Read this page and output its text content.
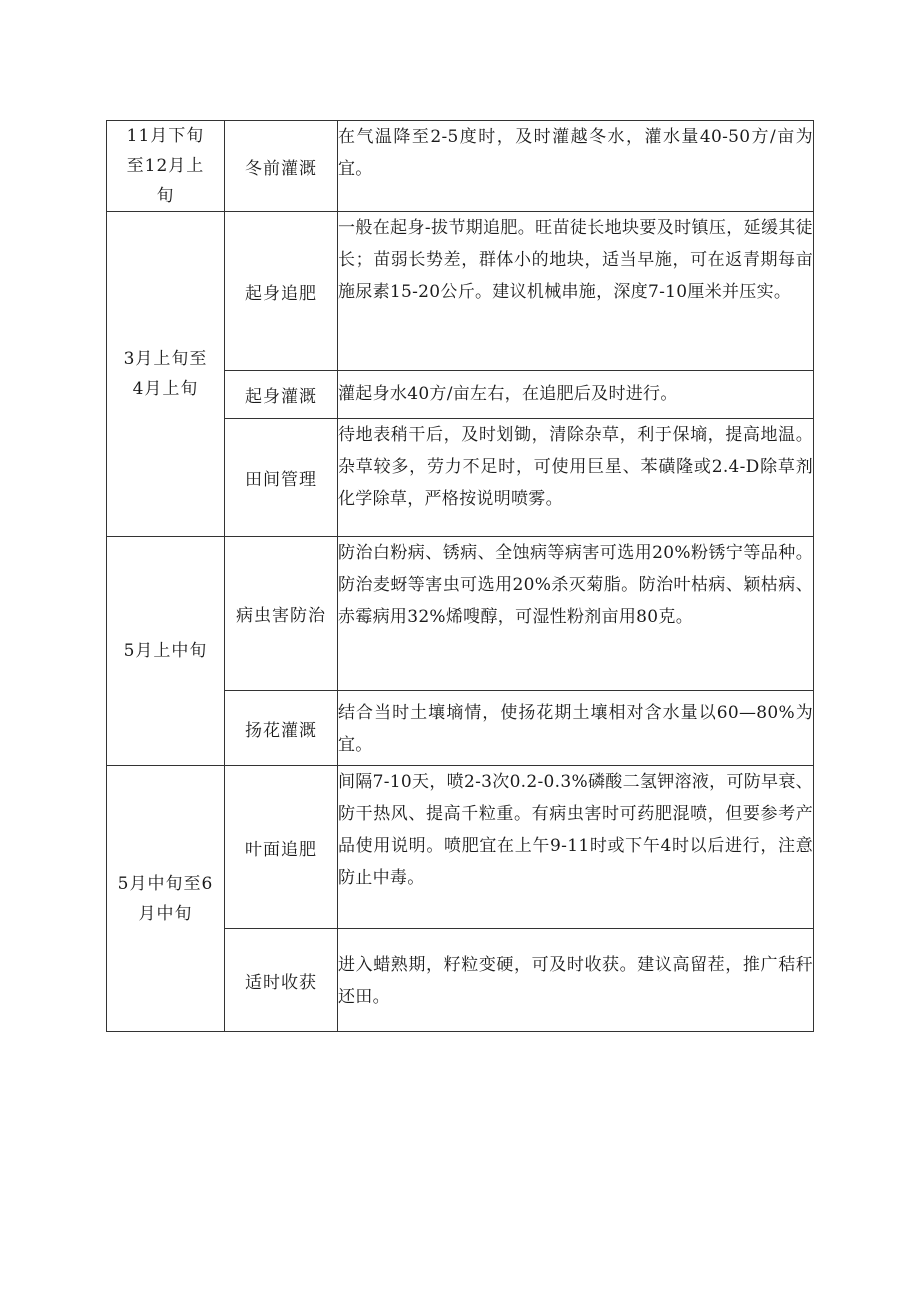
11月下旬至12月上旬	冬前灌溉	在气温降至2-5度时，及时灌越冬水，灌水量40-50方/亩为宜。
3月上旬至4月上旬	起身追肥	一般在起身-拔节期追肥。旺苗徒长地块要及时镇压，延缓其徒长；苗弱长势差，群体小的地块，适当早施，可在返青期每亩施尿素15-20公斤。建议机械串施，深度7-10厘米并压实。
	起身灌溉	灌起身水40方/亩左右，在追肥后及时进行。
	田间管理	待地表稍干后，及时划锄，清除杂草，利于保墒，提高地温。杂草较多，劳力不足时，可使用巨星、苯磺隆或2.4-D除草剂化学除草，严格按说明喷雾。
5月上中旬	病虫害防治	防治白粉病、锈病、全蚀病等病害可选用20%粉锈宁等品种。防治麦蚜等害虫可选用20%杀灭菊脂。防治叶枯病、颖枯病、赤霉病用32%烯嗖醇，可湿性粉剂亩用80克。
	扬花灌溉	结合当时土壤墒情，使扬花期土壤相对含水量以60—80%为宜。
5月中旬至6月中旬	叶面追肥	间隔7-10天，喷2-3次0.2-0.3%磷酸二氢钾溶液，可防早衰、防干热风、提高千粒重。有病虫害时可药肥混喷，但要参考产品使用说明。喷肥宜在上午9-11时或下午4时以后进行，注意防止中毒。
	适时收获	进入蜡熟期，籽粒变硬，可及时收获。建议高留茬，推广秸秆还田。
